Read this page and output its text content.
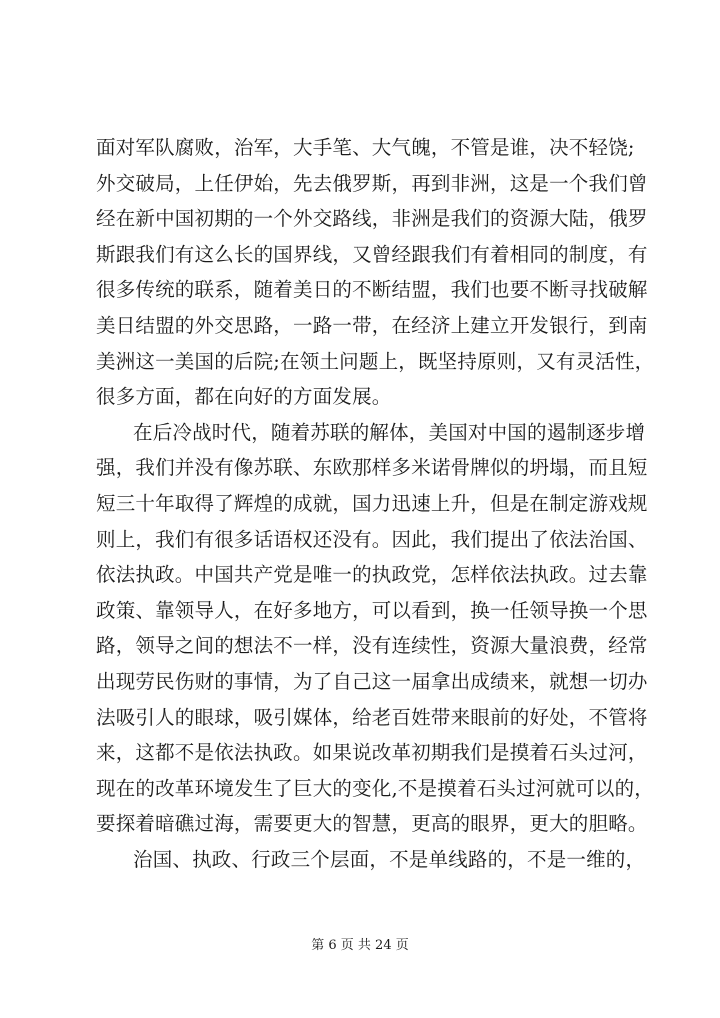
面对军队腐败，治军，大手笔、大气魄，不管是谁，决不轻饶;
外交破局，上任伊始，先去俄罗斯，再到非洲，这是一个我们曾
经在新中国初期的一个外交路线，非洲是我们的资源大陆，俄罗
斯跟我们有这么长的国界线，又曾经跟我们有着相同的制度，有
很多传统的联系，随着美日的不断结盟，我们也要不断寻找破解
美日结盟的外交思路，一路一带，在经济上建立开发银行，到南
美洲这一美国的后院;在领土问题上，既坚持原则，又有灵活性，
很多方面，都在向好的方面发展。
在后冷战时代，随着苏联的解体，美国对中国的遏制逐步增
强，我们并没有像苏联、东欧那样多米诺骨牌似的坍塌，而且短
短三十年取得了辉煌的成就，国力迅速上升，但是在制定游戏规
则上，我们有很多话语权还没有。因此，我们提出了依法治国、
依法执政。中国共产党是唯一的执政党，怎样依法执政。过去靠
政策、靠领导人，在好多地方，可以看到，换一任领导换一个思
路，领导之间的想法不一样，没有连续性，资源大量浪费，经常
出现劳民伤财的事情，为了自己这一届拿出成绩来，就想一切办
法吸引人的眼球，吸引媒体，给老百姓带来眼前的好处，不管将
来，这都不是依法执政。如果说改革初期我们是摸着石头过河，
现在的改革环境发生了巨大的变化,不是摸着石头过河就可以的，
要探着暗礁过海，需要更大的智慧，更高的眼界，更大的胆略。
治国、执政、行政三个层面，不是单线路的，不是一维的，
第 6 页 共 24 页
